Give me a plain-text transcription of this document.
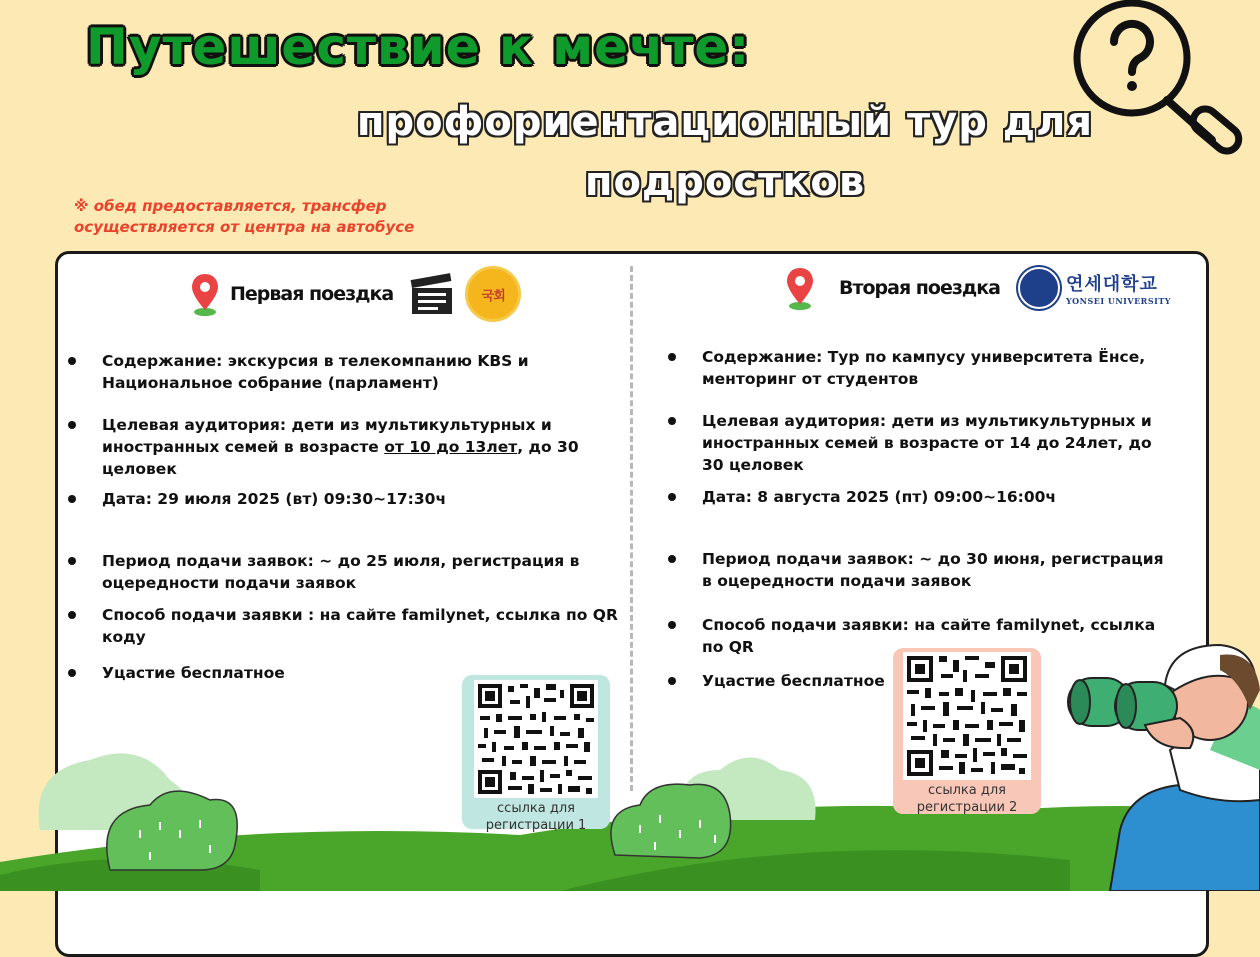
Путешествие к мечте:
профориентационный тур для подростков
※ обед предоставляется, трансфер
осуществляется от центра на автобусе
Первая поездка	국회
Содержание: экскурсия в телекомпанию KBS и Национальное собрание (парламент)
Целевая аудитория: дети из мультикультурных и иностранных семей в возрасте от 10 до 13лет, до 30 целовек
Дата: 29 июля 2025 (вт) 09:30~17:30ч
Период подачи заявок: ~ до 25 июля, регистрация в оцередности подачи заявок
Способ подачи заявки : на сайте familynet, ссылка по QR коду
Уцастие бесплатное
Вторая поездка	연세대학교
YONSEI UNIVERSITY
Содержание: Тур по кампусу университета Ёнсе, менторинг от студентов
Целевая аудитория: дети из мультикультурных и иностранных семей в возрасте от 14 до 24лет, до 30 целовек
Дата: 8 августа 2025 (пт) 09:00~16:00ч
Период подачи заявок: ~ до 30 июня, регистрация в оцередности подачи заявок
Способ подачи заявки: на сайте familynet, ссылка по QR
Уцастие бесплатное
ссылка для регистрации 1
ссылка для регистрации 2
